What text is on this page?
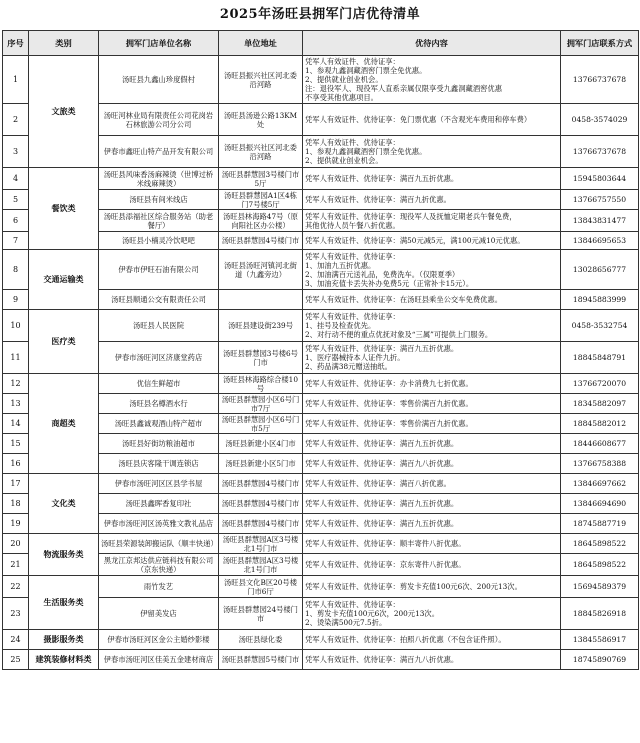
2025年汤旺县拥军门店优待清单
序号	类别	拥军门店单位名称	单位地址	优待内容	拥军门店联系方式
1	文旅类	汤旺县九鑫山珍度假村	汤旺县振兴社区河北委沿河路	凭军人有效证件、优待证享：
1、参观九鑫洞藏酒窖门票全免优惠。
2、提供就业创业机会。
注：退役军人、现役军人直系亲属仅限享受九鑫洞藏酒窖优惠
不享受其他优惠项目。	13766737678
2		汤旺河林业局有限责任公司花岗岩石林旅游公司分公司	汤旺县汤逊公路13KM处	凭军人有效证件、优待证享：免门票优惠（不含观光车费用和停车费）	0458-3574029
3		伊春市鑫旺山特产品开发有限公司	汤旺县振兴社区河北委沿河路	凭军人有效证件、优待证享：
1、参观九鑫洞藏酒窖门票全免优惠。
2、提供就业创业机会。	13766737678
4	餐饮类	汤旺县风味香汤麻辣烫（世博过桥米线麻辣烫）	汤旺县群慧园3号楼门市5厅	凭军人有效证件、优待证享：满百九五折优惠。	15945803644
5		汤旺县有间米线店	汤旺县群慧园A1区4栋门7号楼5厅	凭军人有效证件、优待证享：满百九折优惠。	13766757550
6		汤旺县添福社区综合服务站（助老餐厅）	汤旺县林海路47号（原向阳社区办公楼）	凭军人有效证件、优待证享：现役军人及抚恤定期老兵午餐免费，
其他优待人员午餐八折优惠。	13843831477
7		汤旺县小楠灵冷饮吧吧	汤旺县群慧园4号楼门市	凭军人有效证件、优待证享：满50元减5元，满100元减10元优惠。	13846695653
8	交通运输类	伊春市伊旺石油有限公司	汤旺县汤旺河镇河北街道（九鑫旁边）	凭军人有效证件、优待证享：
1、加油九五折优惠。
2、加油满百元送礼品，免费洗车。（仅限夏季）
3、加油充值卡丢失补办免费5元（正常补卡15元）。	13028656777
9		汤旺县顺通公交有限责任公司		凭军人有效证件、优待证享：在汤旺县乘坐公交车免费优惠。	18945883999
10	医疗类	汤旺县人民医院	汤旺县建设街239号	凭军人有效证件、优待证享：
1、挂号及检查优先。
2、对行动不便的重点优抚对象及“三属”可提供上门服务。	0458-3532754
11		伊春市汤旺河区济康堂药店	汤旺县群慧园3号楼6号门市	凭军人有效证件、优待证享：满百九五折优惠。
1、医疗器械持本人证件九折。
2、药品满38元赠送抽纸。	18845848791
12	商超类	优信生鲜超市	汤旺县林海路综合楼10号	凭军人有效证件、优待证享：办卡消费九七折优惠。	13766720070
13		汤旺县名樽酒水行	汤旺县群慧园小区6号门市7厅	凭军人有效证件、优待证享：零售价满百九折优惠。	18345882097
14		汤旺县鑫诚观酒山特产超市	汤旺县群慧园小区6号门市5厅	凭军人有效证件、优待证享：零售价满百九折优惠。	18845882012
15		汤旺县好街坊粮油超市	汤旺县新建小区4门市	凭军人有效证件、优待证享：满百九五折优惠。	18446608677
16		汤旺县庆客隆干调连锁店	汤旺县新建小区5门市	凭军人有效证件、优待证享：满百九八折优惠。	13766758388
17	文化类	伊春市汤旺河区区县学书屋	汤旺县群慧园4号楼门市	凭军人有效证件、优待证享：满百八折优惠。	13846697662
18		汤旺县鑫晖香复印社	汤旺县群慧园4号楼门市	凭军人有效证件、优待证享：满百九五折优惠。	13846694690
19		伊春市汤旺河区汤英雅文教礼品店	汤旺县群慧园4号楼门市	凭军人有效证件、优待证享：满百九五折优惠。	18745887719
20	物流服务类	汤旺县荣源装卸搬运队（顺丰快递）	汤旺县群慧园A区3号楼北1号门市	凭军人有效证件、优待证享：顺丰寄件八折优惠。	18645898522
21		黑龙江京邦达供应链科技有限公司（京东快递）	汤旺县群慧园A区3号楼北1号门市	凭军人有效证件、优待证享：京东寄件八折优惠。	18645898522
22	生活服务类	雨竹发艺	汤旺县文化B区20号楼门市6厅	凭军人有效证件、优待证享：剪发卡充值100元6次、200元13次。	15694589379
23		伊留美发店	汤旺县群慧园24号楼门市	凭军人有效证件、优待证享：
1、剪发卡充值100元6次，200元13次。
2、烫染满500元7.5折。	18845826918
24	摄影服务类	伊春市汤旺河区金公主婚纱影楼	汤旺县绿化委	凭军人有效证件、优待证享：拍照八折优惠（不包含证件照）。	13845586917
25	建筑装修材料类	伊春市汤旺河区佳美五金建材商店	汤旺县群慧园5号楼门市	凭军人有效证件、优待证享：满百九八折优惠。	18745890769
